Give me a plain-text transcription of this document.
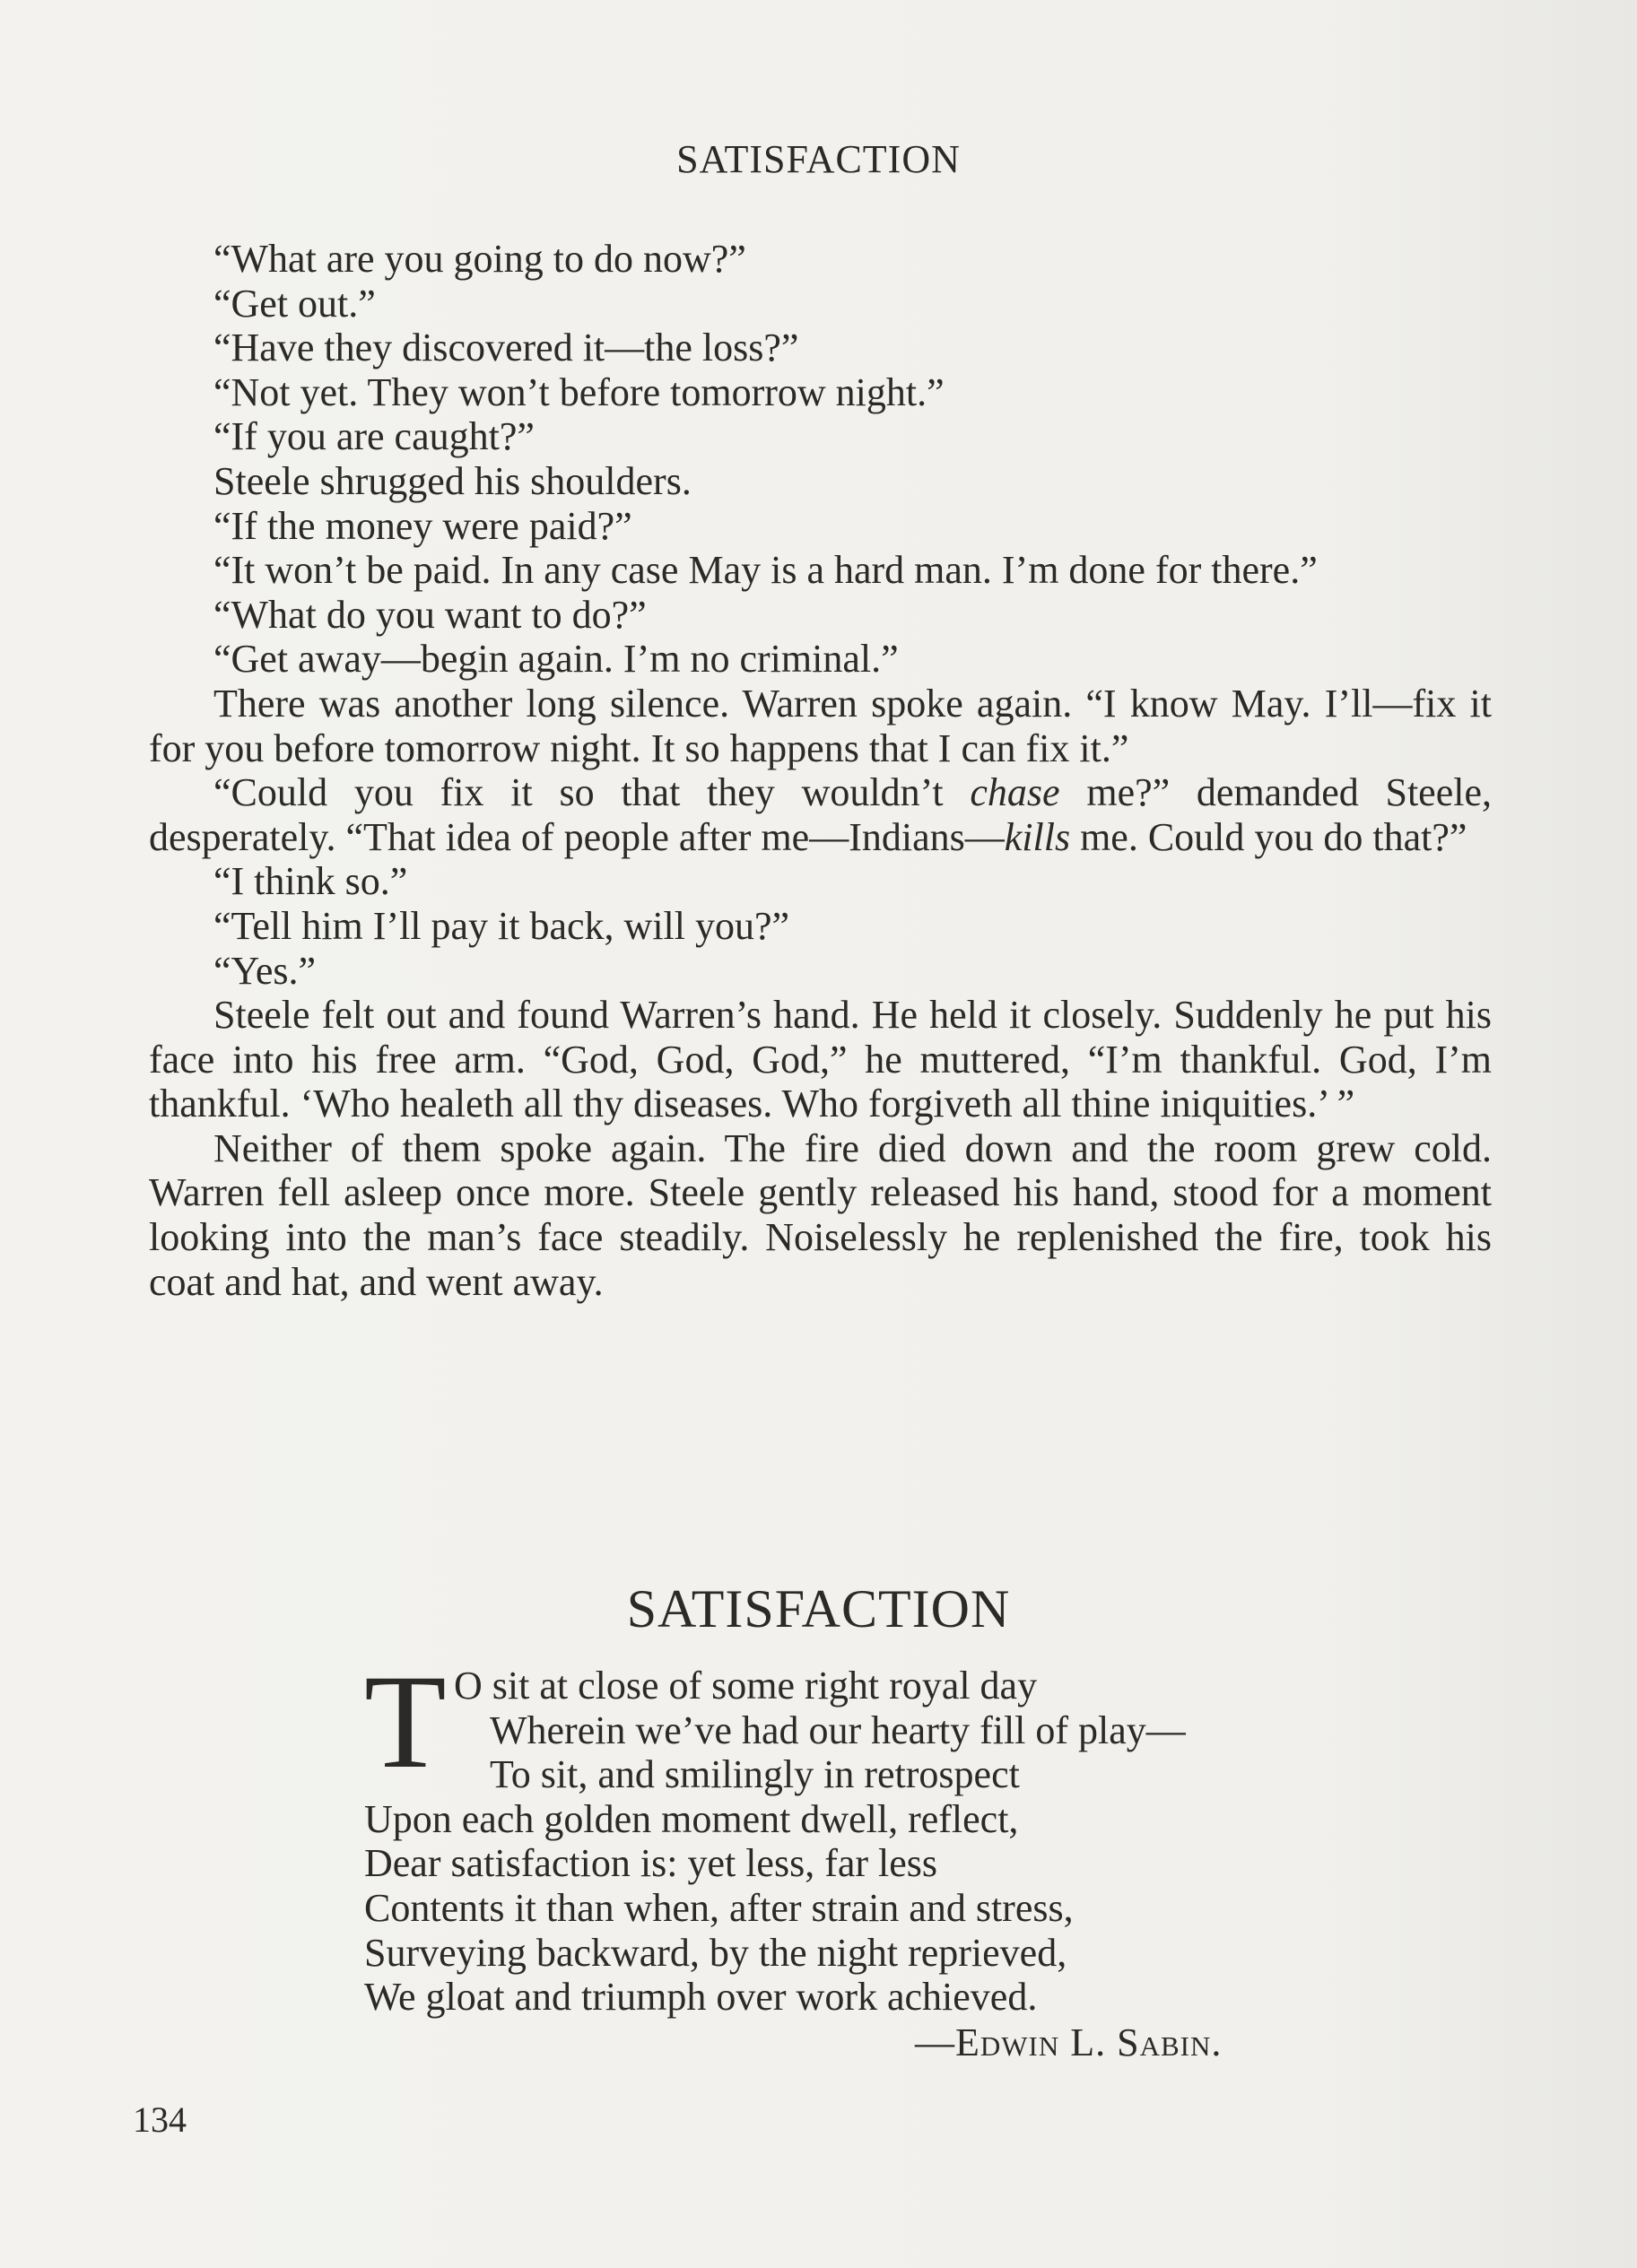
SATISFACTION

“What are you going to do now?”

“Get out.”

“Have they discovered it—the loss?”

“Not yet. They won’t before tomorrow night.”

“If you are caught?”

Steele shrugged his shoulders.

“If the money were paid?”

“It won’t be paid. In any case May is a hard man. I’m done for there.”

“What do you want to do?”

“Get away—begin again. I’m no criminal.”

There was another long silence. Warren spoke again. “I know May. I’ll—fix it for you before tomorrow night. It so happens that I can fix it.”

“Could you fix it so that they wouldn’t chase me?” demanded Steele, desperately. “That idea of people after me—Indians—kills me. Could you do that?”

“I think so.”

“Tell him I’ll pay it back, will you?”

“Yes.”

Steele felt out and found Warren’s hand. He held it closely. Suddenly he put his face into his free arm. “God, God, God,” he muttered, “I’m thankful. God, I’m thankful. ‘Who healeth all thy diseases. Who forgiveth all thine iniquities.’ ”

Neither of them spoke again. The fire died down and the room grew cold. Warren fell asleep once more. Steele gently released his hand, stood for a moment looking into the man’s face steadily. Noiselessly he replenished the fire, took his coat and hat, and went away.

SATISFACTION
T O sit at close of some right royal day
Wherein we’ve had our hearty fill of play—
To sit, and smilingly in retrospect
Upon each golden moment dwell, reflect,
Dear satisfaction is: yet less, far less
Contents it than when, after strain and stress,
Surveying backward, by the night reprieved,
We gloat and triumph over work achieved.
—Edwin L. Sabin.
134
